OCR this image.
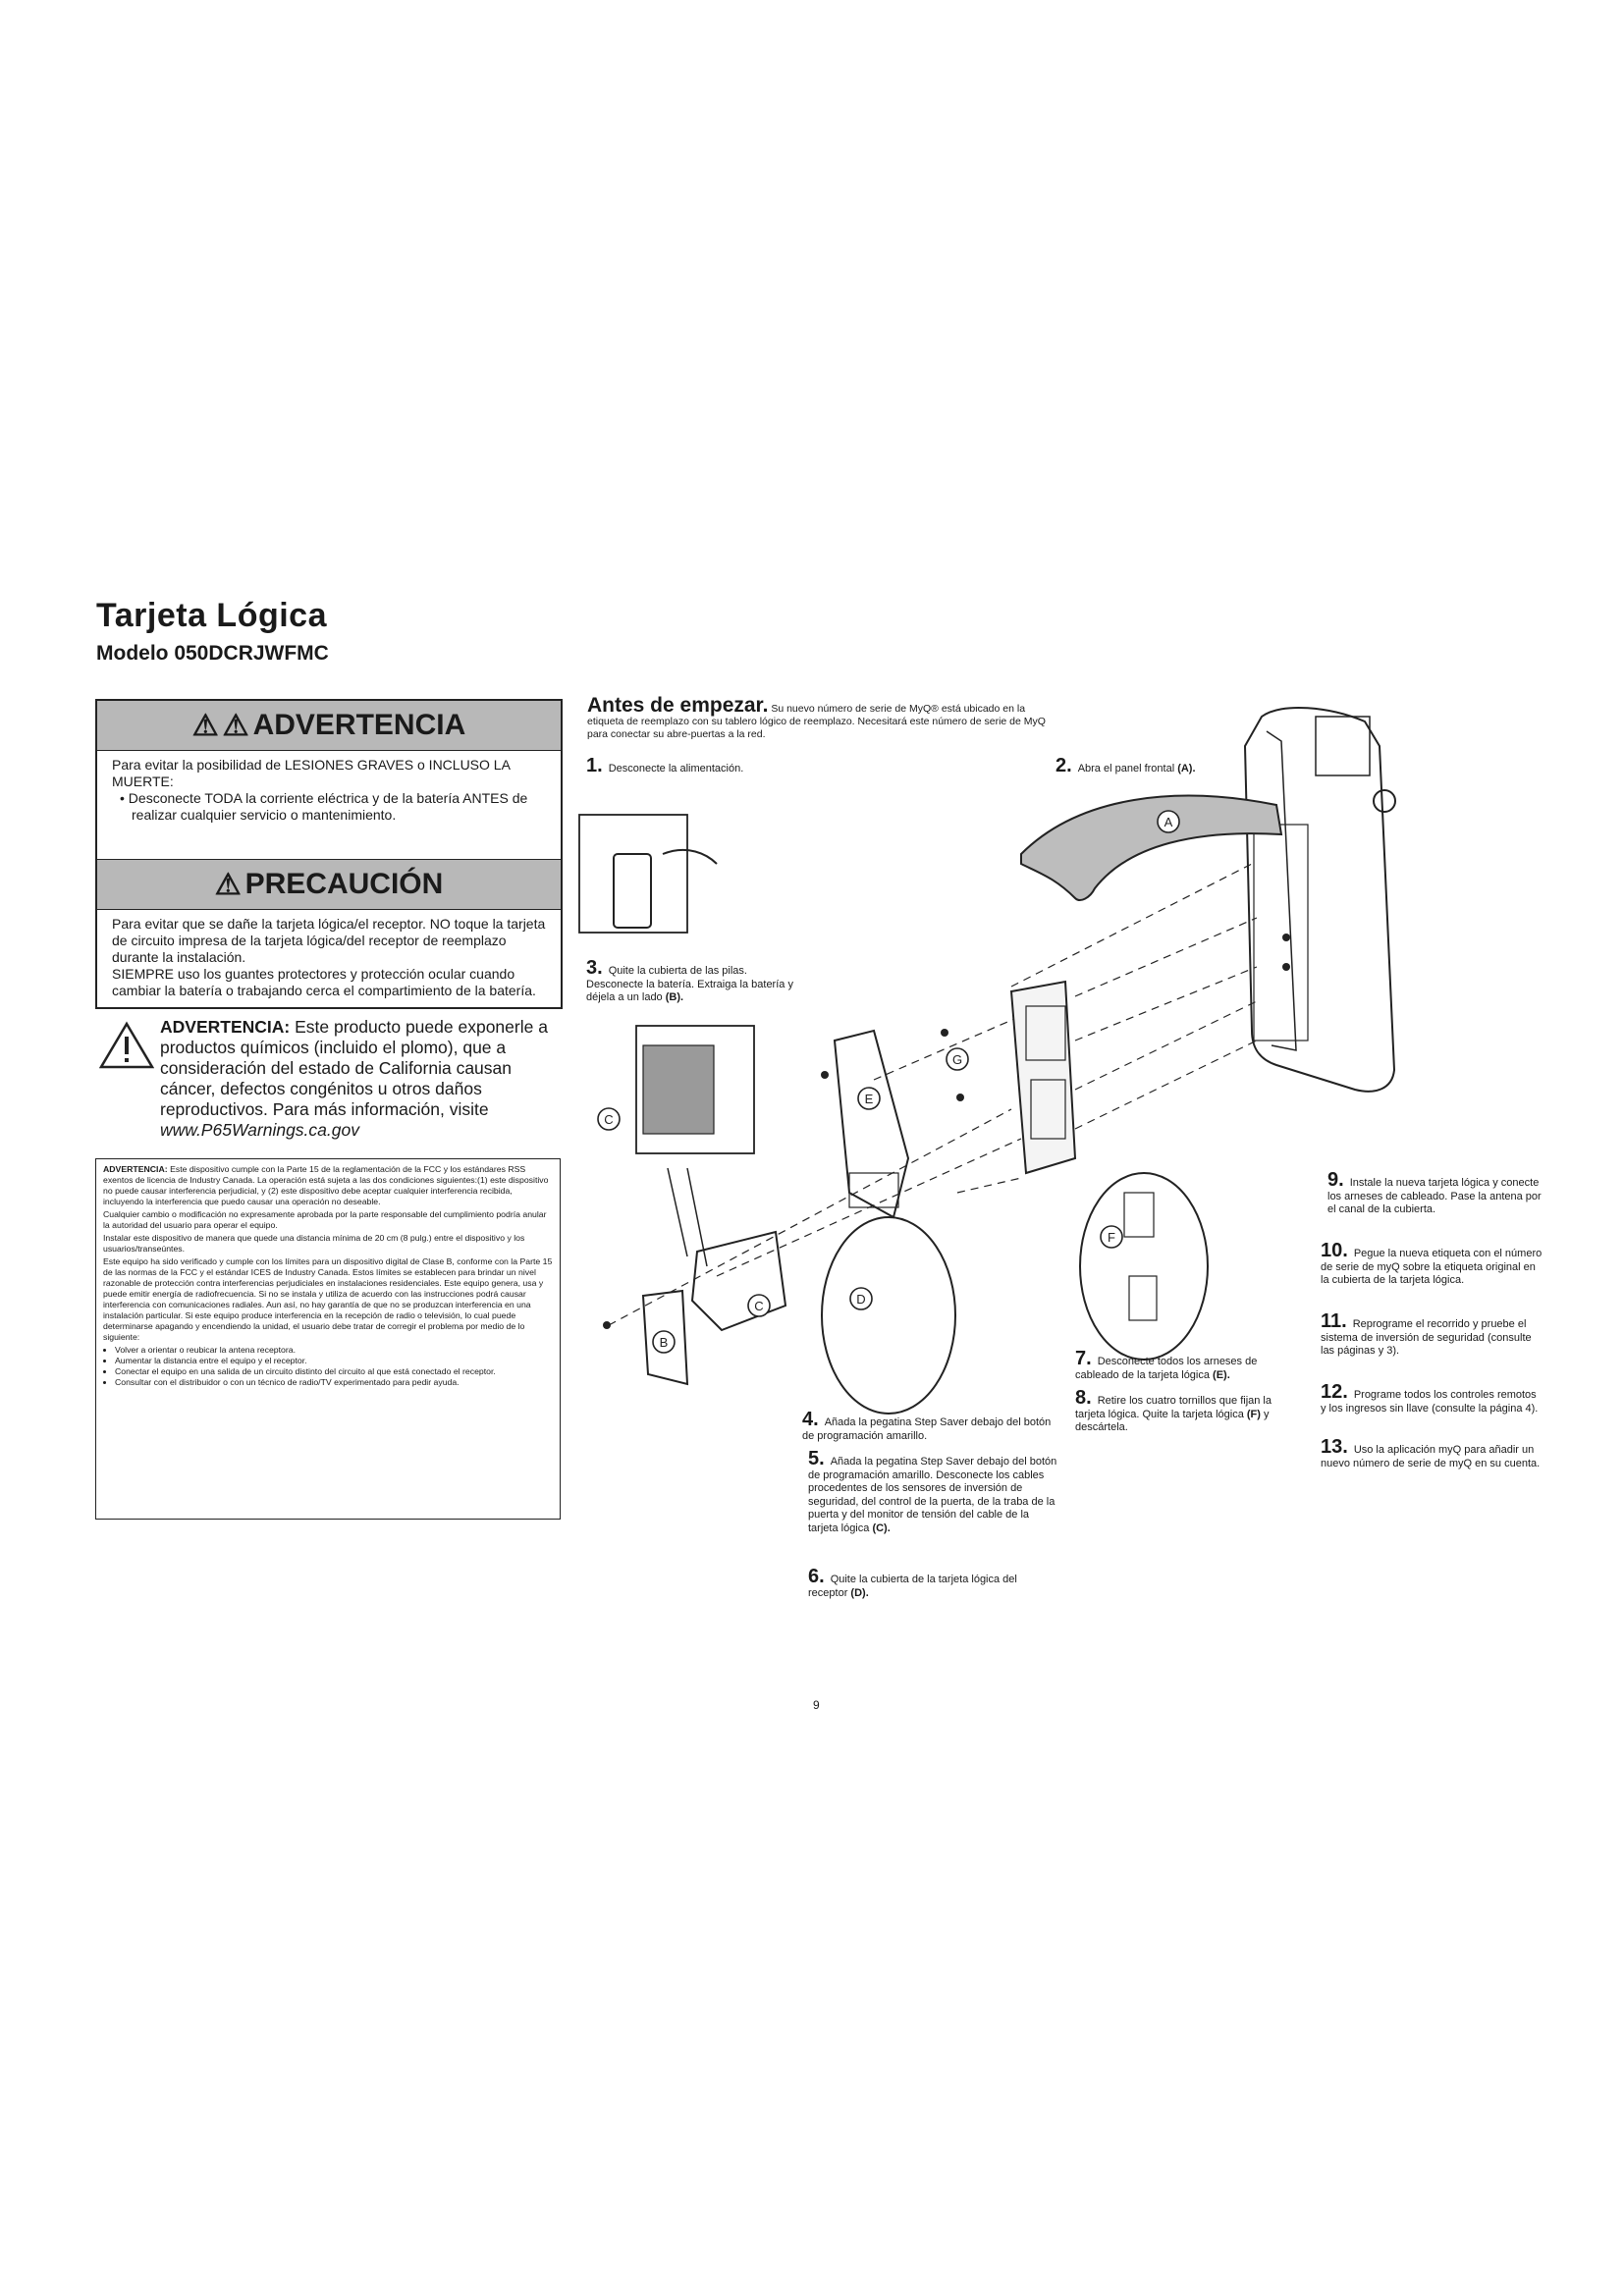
Tarjeta Lógica
Modelo 050DCRJWFMC
⚠ ⚠ ADVERTENCIA
Para evitar la posibilidad de LESIONES GRAVES o INCLUSO LA MUERTE:
• Desconecte TODA la corriente eléctrica y de la batería ANTES de realizar cualquier servicio o mantenimiento.
⚠ PRECAUCIÓN
Para evitar que se dañe la tarjeta lógica/el receptor. NO toque la tarjeta de circuito impresa de la tarjeta lógica/del receptor de reemplazo durante la instalación.
SIEMPRE uso los guantes protectores y protección ocular cuando cambiar la batería o trabajando cerca el compartimiento de la batería.
ADVERTENCIA: Este producto puede exponerle a productos químicos (incluido el plomo), que a consideración del estado de California causan cáncer, defectos congénitos u otros daños reproductivos. Para más información, visite www.P65Warnings.ca.gov

ADVERTENCIA: Este dispositivo cumple con la Parte 15 de la reglamentación de la FCC y los estándares RSS exentos de licencia de Industry Canada. La operación está sujeta a las dos condiciones siguientes:(1) este dispositivo no puede causar interferencia perjudicial, y (2) este dispositivo debe aceptar cualquier interferencia recibida, incluyendo la interferencia que puedo causar una operación no deseable.

Cualquier cambio o modificación no expresamente aprobada por la parte responsable del cumplimiento podría anular la autoridad del usuario para operar el equipo.

Instalar este dispositivo de manera que quede una distancia mínima de 20 cm (8 pulg.) entre el dispositivo y los usuarios/transeúntes.

Este equipo ha sido verificado y cumple con los límites para un dispositivo digital de Clase B, conforme con la Parte 15 de las normas de la FCC y el estándar ICES de Industry Canada. Estos límites se establecen para brindar un nivel razonable de protección contra interferencias perjudiciales en instalaciones residenciales. Este equipo genera, usa y puede emitir energía de radiofrecuencia. Si no se instala y utiliza de acuerdo con las instrucciones podrá causar interferencia con comunicaciones radiales. Aun así, no hay garantía de que no se produzcan interferencia en una instalación particular. Si este equipo produce interferencia en la recepción de radio o televisión, lo cual puede determinarse apagando y encendiendo la unidad, el usuario debe tratar de corregir el problema por medio de lo siguiente:

• Volver a orientar o reubicar la antena receptora.
• Aumentar la distancia entre el equipo y el receptor.
• Conectar el equipo en una salida de un circuito distinto del circuito al que está conectado el receptor.
• Consultar con el distribuidor o con un técnico de radio/TV experimentado para pedir ayuda.
Antes de empezar. Su nuevo número de serie de MyQ® está ubicado en la etiqueta de reemplazo con su tablero lógico de reemplazo. Necesitará este número de serie de MyQ para conectar su abre-puertas a la red.
A
G
E
C
C
B
D
F
1. Desconecte la alimentación.	2. Abra el panel frontal (A).
3. Quite la cubierta de las pilas. Desconecte la batería. Extraiga la batería y déjela a un lado (B).
4. Añada la pegatina Step Saver debajo del botón de programación amarillo.
5. Añada la pegatina Step Saver debajo del botón de programación amarillo. Desconecte los cables procedentes de los sensores de inversión de seguridad, del control de la puerta, de la traba de la puerta y del monitor de tensión del cable de la tarjeta lógica (C).
6. Quite la cubierta de la tarjeta lógica del receptor (D).
7. Desconecte todos los arneses de cableado de la tarjeta lógica (E).
8. Retire los cuatro tornillos que fijan la tarjeta lógica. Quite la tarjeta lógica (F) y descártela.
9. Instale la nueva tarjeta lógica y conecte los arneses de cableado. Pase la antena por el canal de la cubierta.
10. Pegue la nueva etiqueta con el número de serie de myQ sobre la etiqueta original en la cubierta de la tarjeta lógica.
11. Reprograme el recorrido y pruebe el sistema de inversión de seguridad (consulte las páginas y 3).
12. Programe todos los controles remotos y los ingresos sin llave (consulte la página 4).
13. Uso la aplicación myQ para añadir un nuevo número de serie de myQ en su cuenta.
9
